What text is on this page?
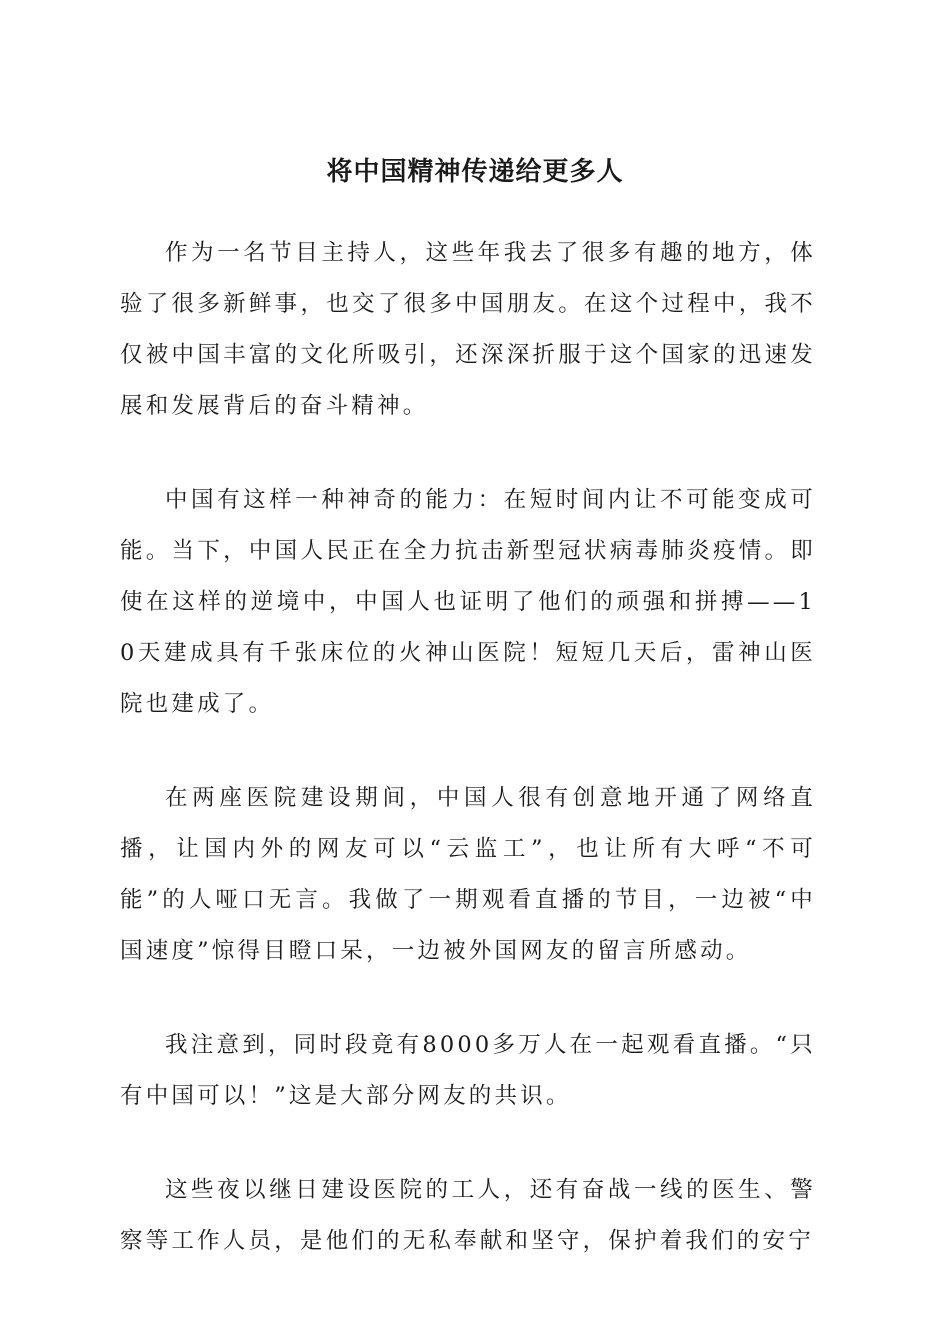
将中国精神传递给更多人

作为一名节目主持人，这些年我去了很多有趣的地方，体验了很多新鲜事，也交了很多中国朋友。在这个过程中，我不仅被中国丰富的文化所吸引，还深深折服于这个国家的迅速发展和发展背后的奋斗精神。

中国有这样一种神奇的能力：在短时间内让不可能变成可能。当下，中国人民正在全力抗击新型冠状病毒肺炎疫情。即使在这样的逆境中，中国人也证明了他们的顽强和拼搏——10天建成具有千张床位的火神山医院！短短几天后，雷神山医院也建成了。

在两座医院建设期间，中国人很有创意地开通了网络直播，让国内外的网友可以“云监工”，也让所有大呼“不可能”的人哑口无言。我做了一期观看直播的节目，一边被“中国速度”惊得目瞪口呆，一边被外国网友的留言所感动。

我注意到，同时段竟有8000多万人在一起观看直播。“只有中国可以！”这是大部分网友的共识。

这些夜以继日建设医院的工人，还有奋战一线的医生、警察等工作人员，是他们的无私奉献和坚守，保护着我们的安宁
